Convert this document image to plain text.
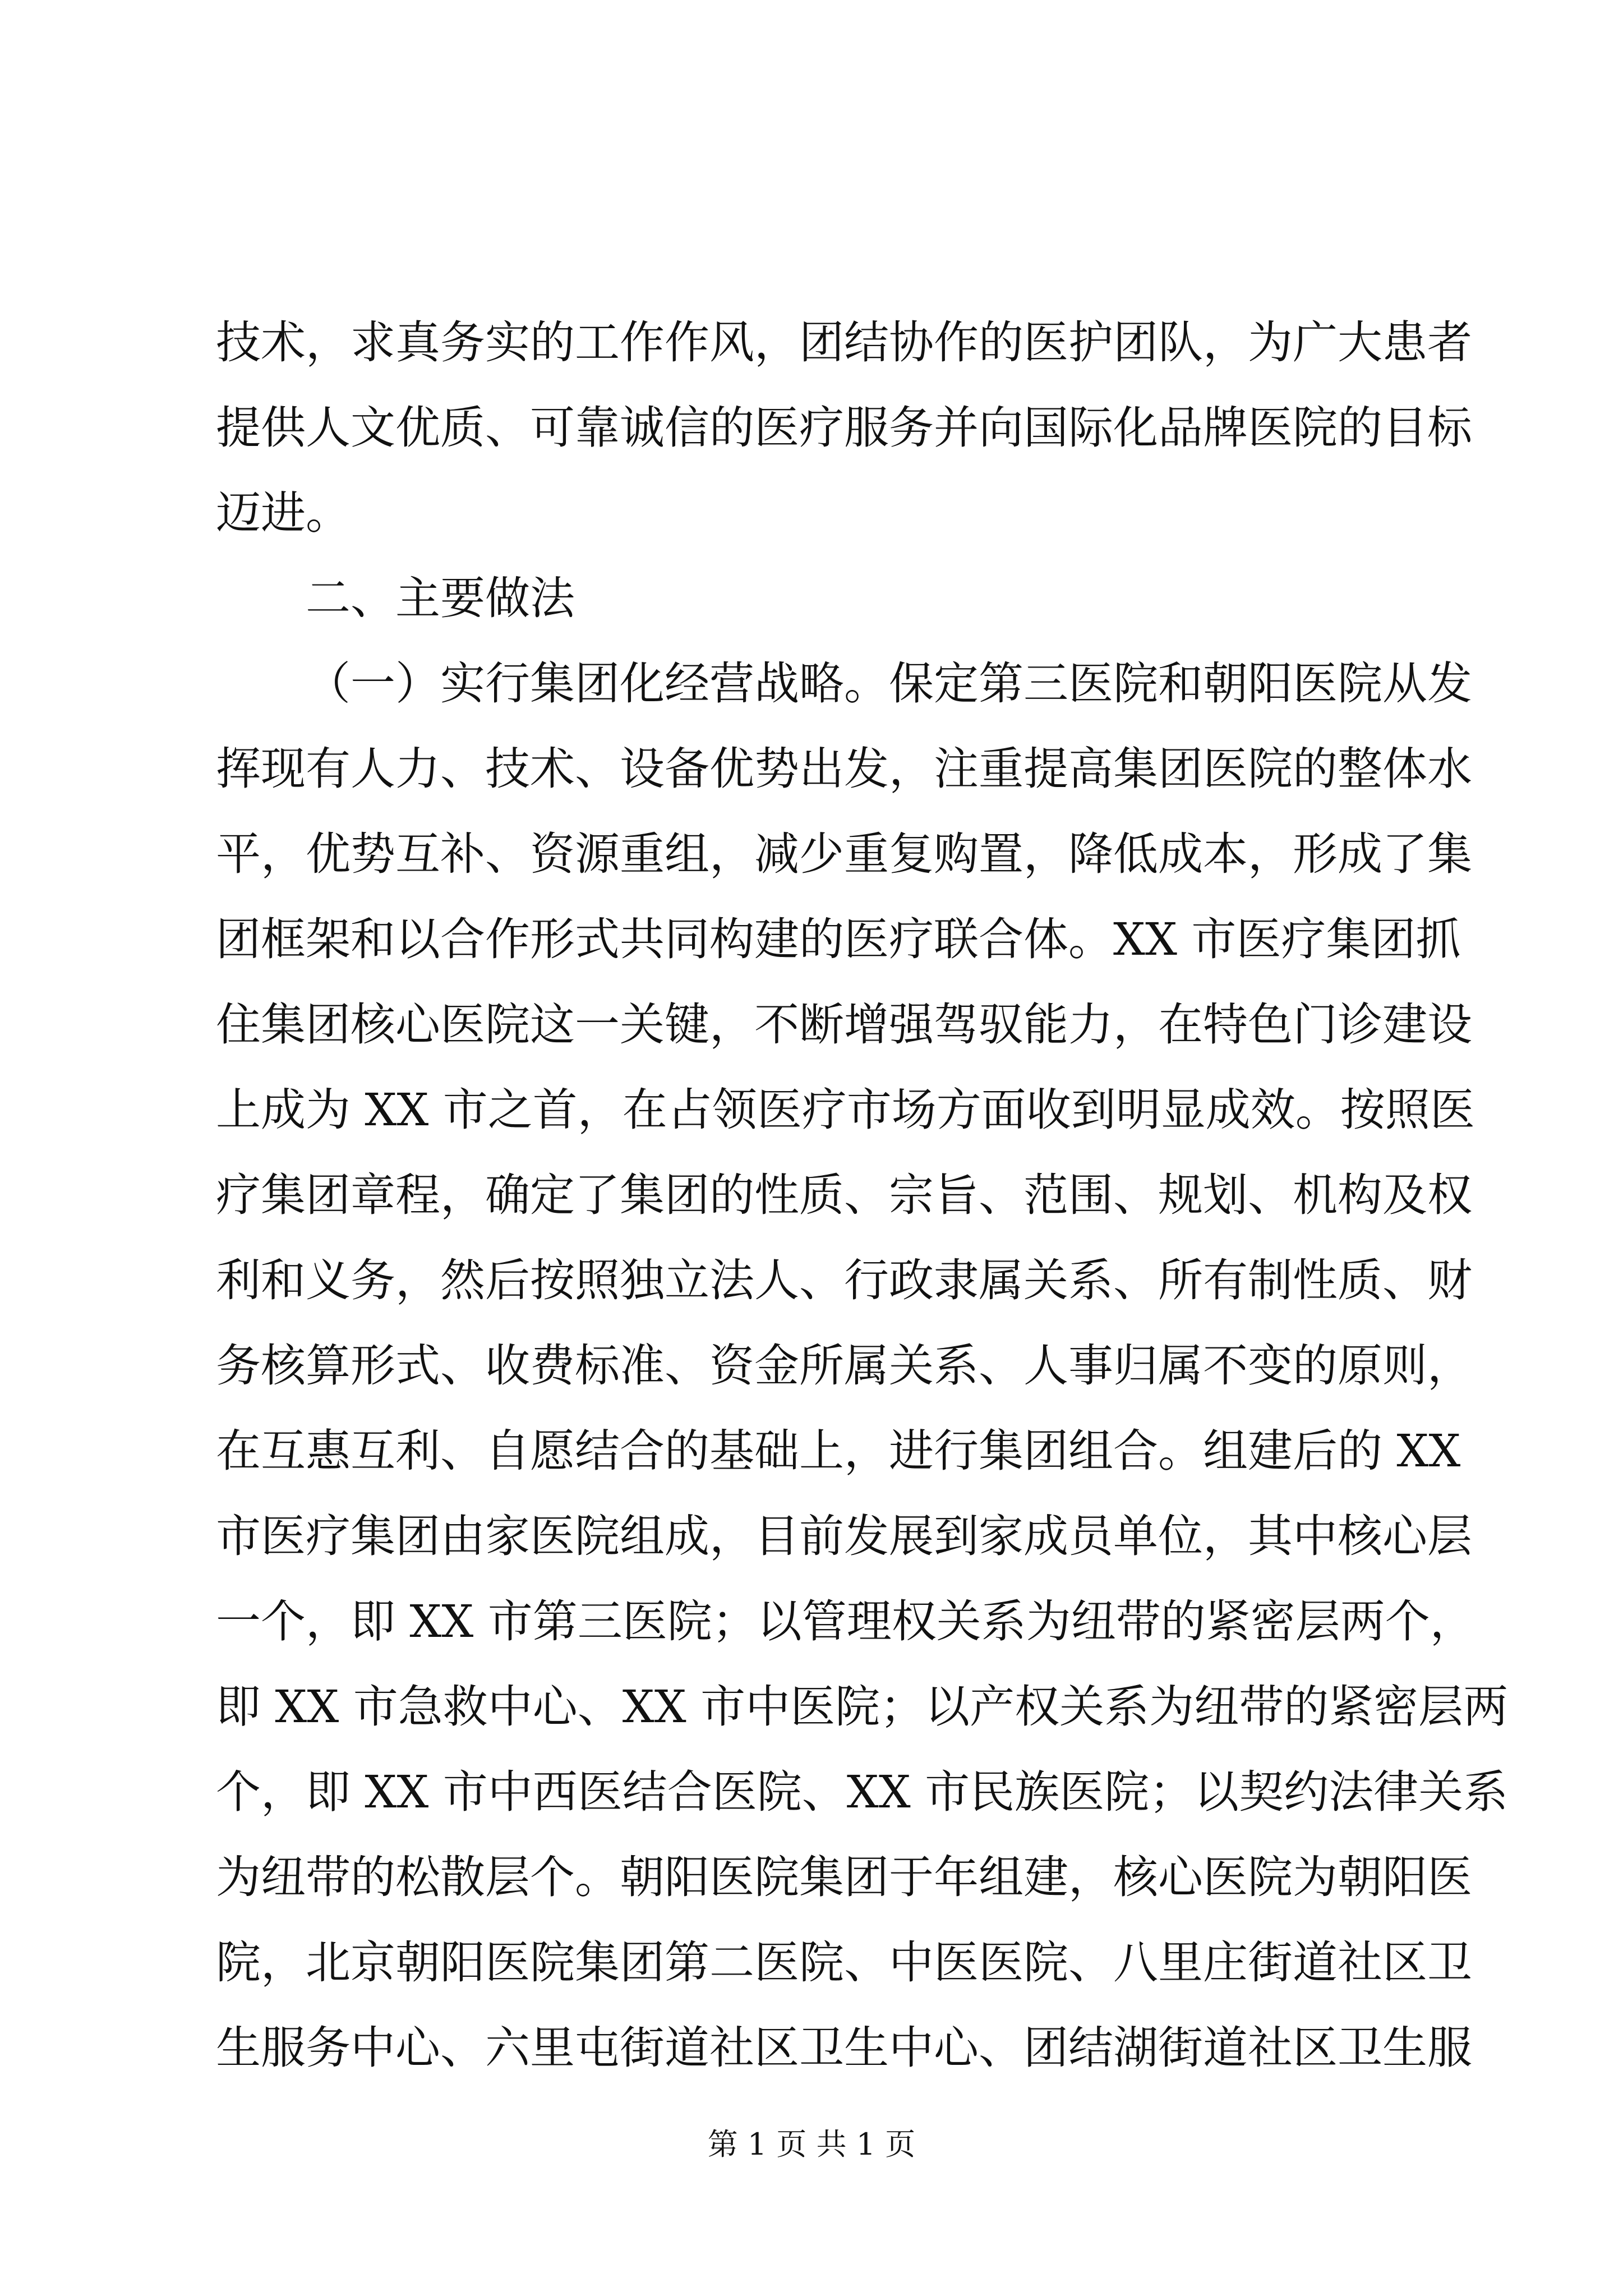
技术，求真务实的工作作风，团结协作的医护团队，为广大患者
提供人文优质、可靠诚信的医疗服务并向国际化品牌医院的目标
迈进。
二、主要做法
（一）实行集团化经营战略。保定第三医院和朝阳医院从发
挥现有人力、技术、设备优势出发，注重提高集团医院的整体水
平，优势互补、资源重组，减少重复购置，降低成本，形成了集
团框架和以合作形式共同构建的医疗联合体。XX 市医疗集团抓
住集团核心医院这一关键，不断增强驾驭能力，在特色门诊建设
上成为 XX 市之首，在占领医疗市场方面收到明显成效。按照医
疗集团章程，确定了集团的性质、宗旨、范围、规划、机构及权
利和义务，然后按照独立法人、行政隶属关系、所有制性质、财
务核算形式、收费标准、资金所属关系、人事归属不变的原则，
在互惠互利、自愿结合的基础上，进行集团组合。组建后的 XX
市医疗集团由家医院组成，目前发展到家成员单位，其中核心层
一个，即 XX 市第三医院；以管理权关系为纽带的紧密层两个，
即 XX 市急救中心、XX 市中医院；以产权关系为纽带的紧密层两
个，即 XX 市中西医结合医院、XX 市民族医院；以契约法律关系
为纽带的松散层个。朝阳医院集团于年组建，核心医院为朝阳医
院，北京朝阳医院集团第二医院、中医医院、八里庄街道社区卫
生服务中心、六里屯街道社区卫生中心、团结湖街道社区卫生服
第 1 页 共 1 页
